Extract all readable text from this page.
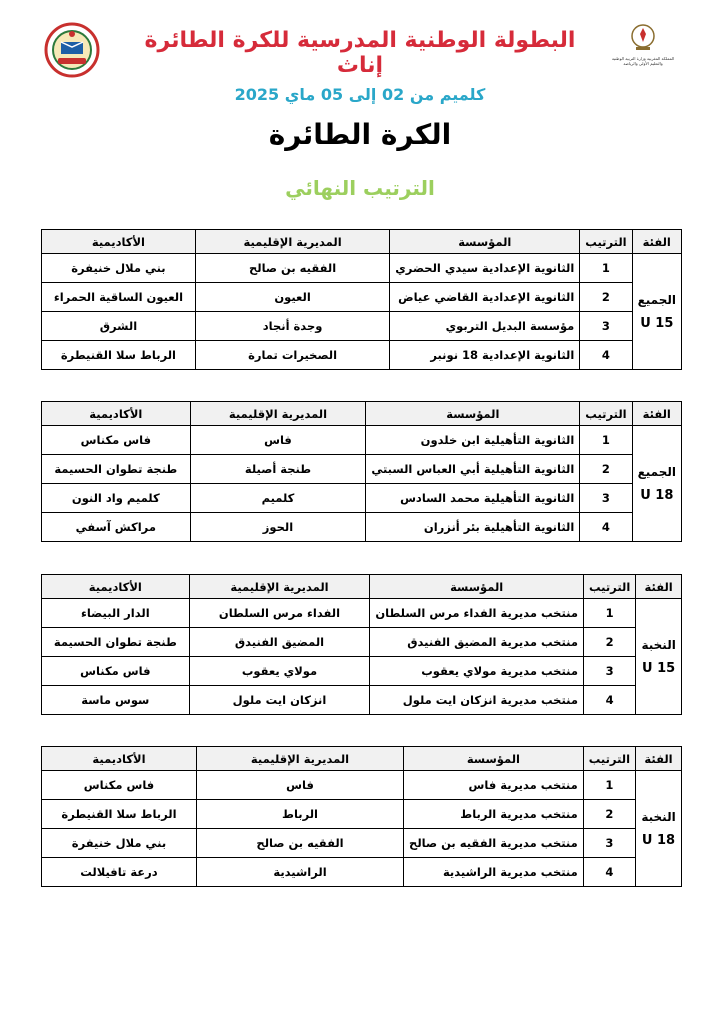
المملكة المغربية وزارة التربية الوطنية والتعليم الأولي والرياضة
البطولة الوطنية المدرسية للكرة الطائرة إناث
كلميم من 02 إلى 05 ماي 2025
الكرة الطائرة
الترتيب النهائي
الفئة	الترتيب	المؤسسة	المديرية الإقليمية	الأكاديمية
الجميع
U 15	1	الثانوية الإعدادية سيدي الحضري	الفقيه بن صالح	بني ملال خنيفرة
	2	الثانوية الإعدادية القاضي عياض	العيون	العيون الساقية الحمراء
	3	مؤسسة البديل التربوي	وجدة أنجاد	الشرق
	4	الثانوية الإعدادية 18 نونبر	الصخيرات تمارة	الرباط سلا القنيطرة
الفئة	الترتيب	المؤسسة	المديرية الإقليمية	الأكاديمية
الجميع
U 18	1	الثانوية التأهيلية ابن خلدون	فاس	فاس مكناس
	2	الثانوية التأهيلية أبي العباس السبتي	طنجة أصيلة	طنجة تطوان الحسيمة
	3	الثانوية التأهيلية محمد السادس	كلميم	كلميم واد النون
	4	الثانوية التأهيلية بئر أنزران	الحوز	مراكش آسفي
الفئة	الترتيب	المؤسسة	المديرية الإقليمية	الأكاديمية
النخبة
U 15	1	منتخب مديرية الفداء مرس السلطان	الفداء مرس السلطان	الدار البيضاء
	2	منتخب مديرية المضيق الفنيدق	المضيق الفنيدق	طنجة تطوان الحسيمة
	3	منتخب مديرية مولاي يعقوب	مولاي يعقوب	فاس مكناس
	4	منتخب مديرية انزكان ايت ملول	انزكان ايت ملول	سوس ماسة
الفئة	الترتيب	المؤسسة	المديرية الإقليمية	الأكاديمية
النخبة
U 18	1	منتخب مديرية فاس	فاس	فاس مكناس
	2	منتخب مديرية الرباط	الرباط	الرباط سلا القنيطرة
	3	منتخب مديرية الفقيه بن صالح	الفقيه بن صالح	بني ملال خنيفرة
	4	منتخب مديرية الراشيدية	الراشيدية	درعة تافيلالت
